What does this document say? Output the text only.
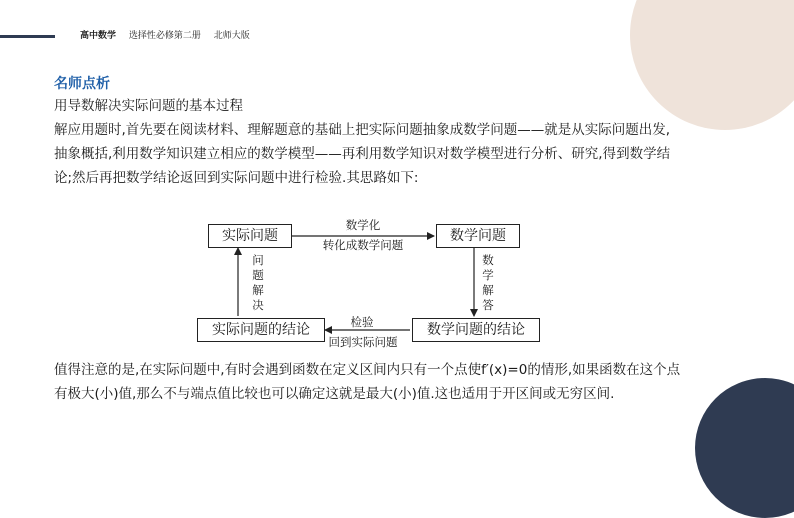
高中数学 选择性必修第二册 北师大版
名师点析
用导数解决实际问题的基本过程
解应用题时,首先要在阅读材料、理解题意的基础上把实际问题抽象成数学问题——就是从实际问题出发,
抽象概括,利用数学知识建立相应的数学模型——再利用数学知识对数学模型进行分析、研究,得到数学结
论;然后再把数学结论返回到实际问题中进行检验.其思路如下:
实际问题	数学问题
实际问题的结论	数学问题的结论
数学化
转化成数学问题
检验
回到实际问题
数
学
解
答
问
题
解
决
值得注意的是,在实际问题中,有时会遇到函数在定义区间内只有一个点使f′(x)=0的情形,如果函数在这个点
有极大(小)值,那么不与端点值比较也可以确定这就是最大(小)值.这也适用于开区间或无穷区间.
